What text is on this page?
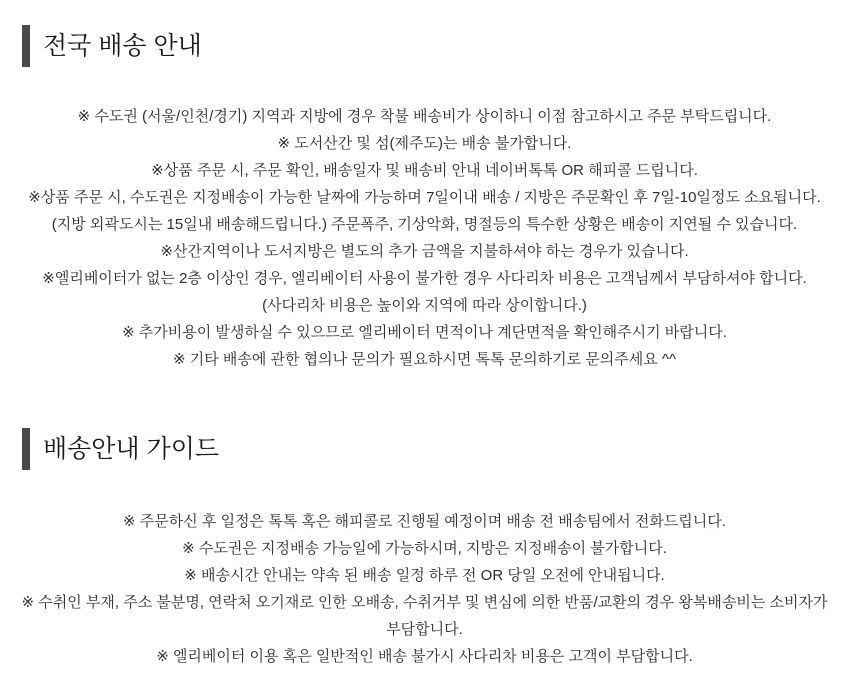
전국 배송 안내

※ 수도권 (서울/인천/경기) 지역과 지방에 경우 착불 배송비가 상이하니 이점 참고하시고 주문 부탁드립니다.

※ 도서산간 및 섬(제주도)는 배송 불가합니다.

※상품 주문 시, 주문 확인, 배송일자 및 배송비 안내 네이버톡톡 OR 해피콜 드립니다.

※상품 주문 시, 수도권은 지정배송이 가능한 날짜에 가능하며 7일이내 배송 / 지방은 주문확인 후 7일-10일정도 소요됩니다.

(지방 외곽도시는 15일내 배송해드립니다.) 주문폭주, 기상악화, 명절등의 특수한 상황은 배송이 지연될 수 있습니다.

※산간지역이나 도서지방은 별도의 추가 금액을 지불하셔야 하는 경우가 있습니다.

※엘리베이터가 없는 2층 이상인 경우, 엘리베이터 사용이 불가한 경우 사다리차 비용은 고객님께서 부담하셔야 합니다.

(사다리차 비용은 높이와 지역에 따라 상이합니다.)

※ 추가비용이 발생하실 수 있으므로 엘리베이터 면적이나 계단면적을 확인해주시기 바랍니다.

※ 기타 배송에 관한 협의나 문의가 필요하시면 톡톡 문의하기로 문의주세요 ^^

배송안내 가이드

※ 주문하신 후 일정은 톡톡 혹은 해피콜로 진행될 예정이며 배송 전 배송팀에서 전화드립니다.

※ 수도권은 지정배송 가능일에 가능하시며, 지방은 지정배송이 불가합니다.

※ 배송시간 안내는 약속 된 배송 일정 하루 전 OR 당일 오전에 안내됩니다.

※ 수취인 부재, 주소 불분명, 연락처 오기재로 인한 오배송, 수취거부 및 변심에 의한 반품/교환의 경우 왕복배송비는 소비자가

부담합니다.

※ 엘리베이터 이용 혹은 일반적인 배송 불가시 사다리차 비용은 고객이 부담합니다.
